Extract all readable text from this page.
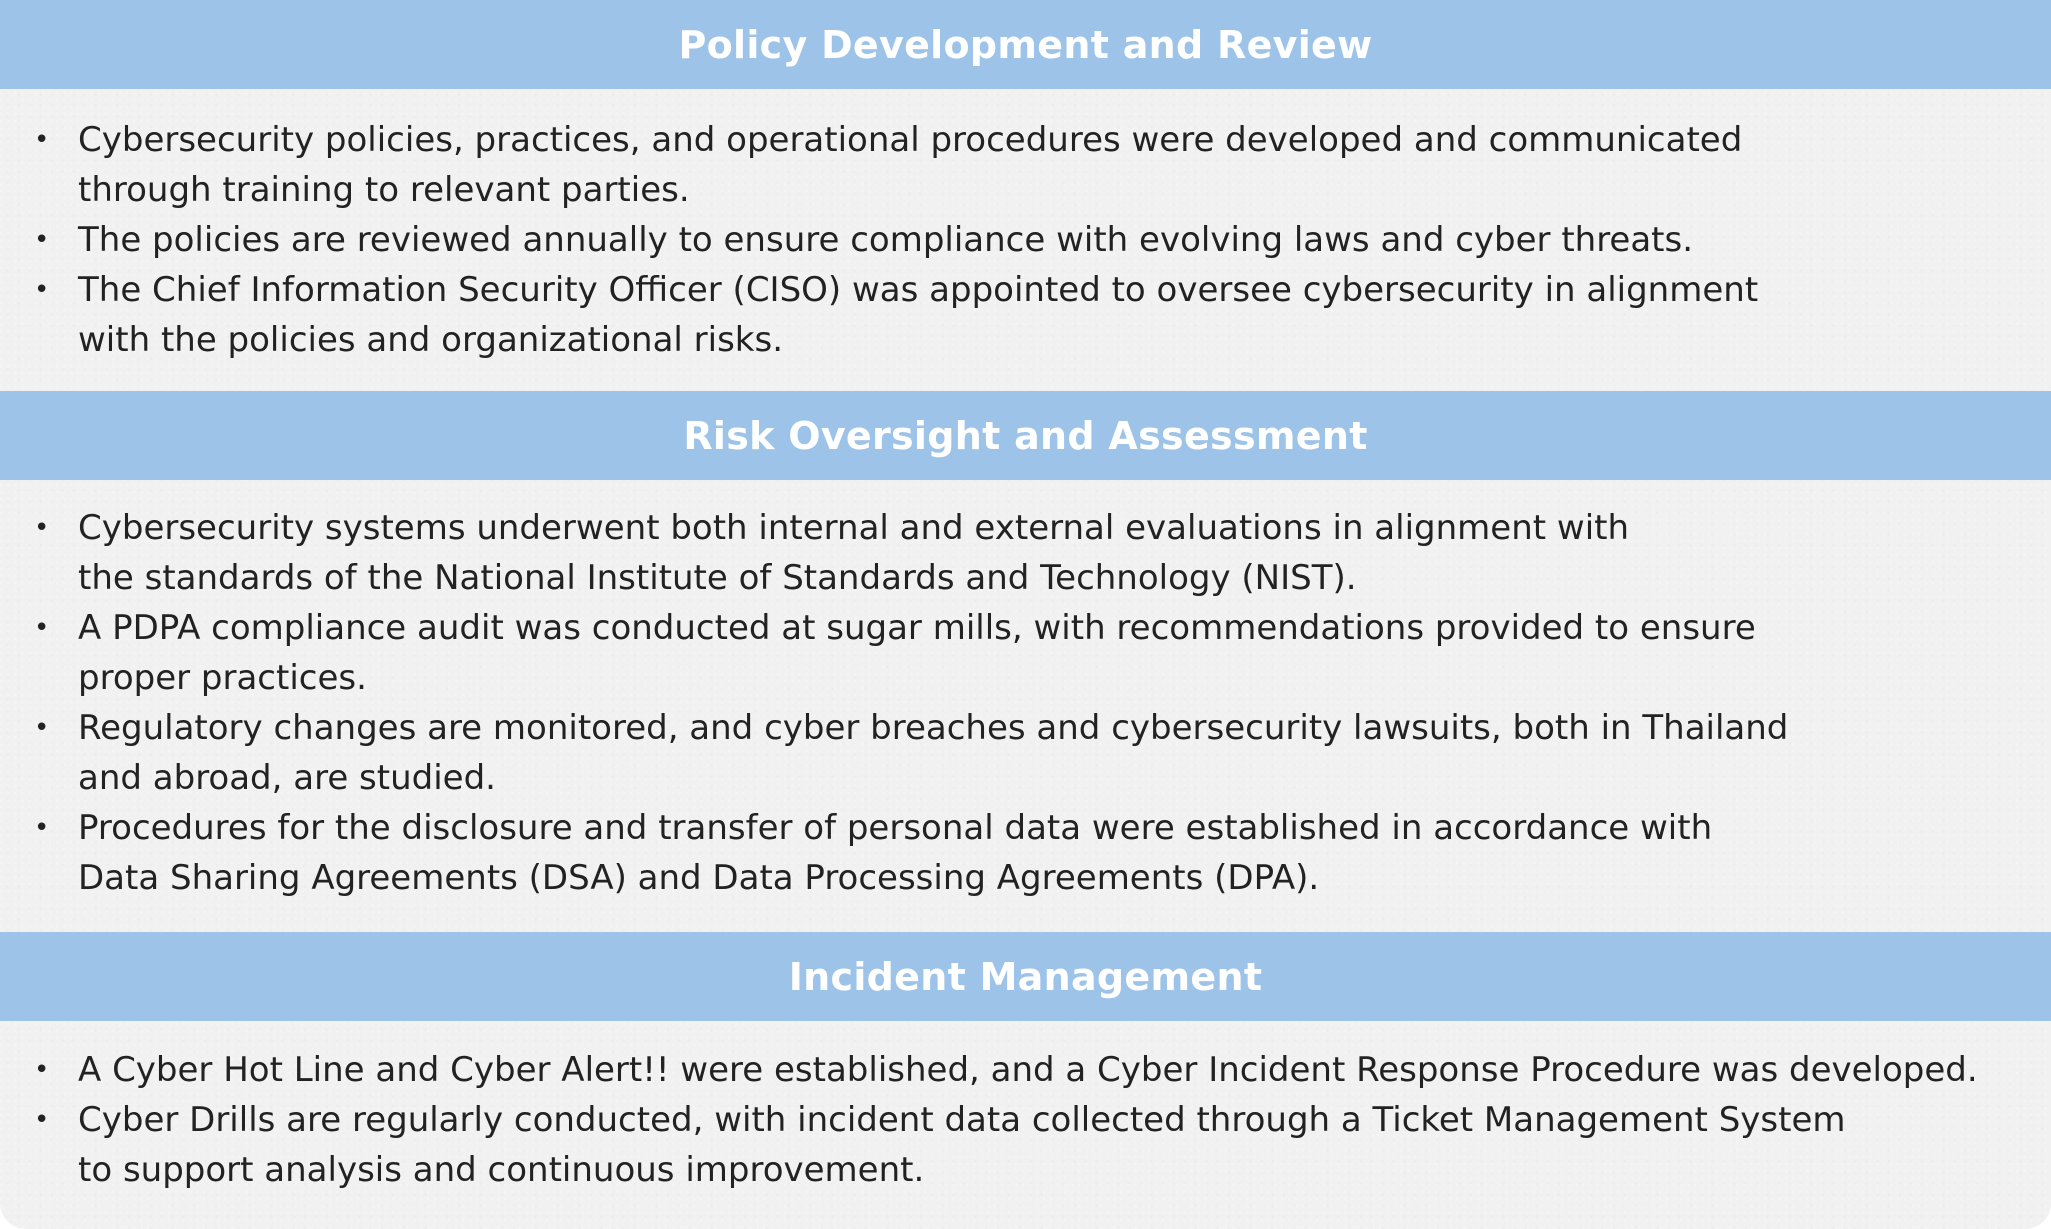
Policy Development and Review
• Cybersecurity policies, practices, and operational procedures were developed and communicated
through training to relevant parties.
• The policies are reviewed annually to ensure compliance with evolving laws and cyber threats.
• The Chief Information Security Officer (CISO) was appointed to oversee cybersecurity in alignment
with the policies and organizational risks.
Risk Oversight and Assessment
• Cybersecurity systems underwent both internal and external evaluations in alignment with
the standards of the National Institute of Standards and Technology (NIST).
• A PDPA compliance audit was conducted at sugar mills, with recommendations provided to ensure
proper practices.
• Regulatory changes are monitored, and cyber breaches and cybersecurity lawsuits, both in Thailand
and abroad, are studied.
• Procedures for the disclosure and transfer of personal data were established in accordance with
Data Sharing Agreements (DSA) and Data Processing Agreements (DPA).
Incident Management
• A Cyber Hot Line and Cyber Alert!! were established, and a Cyber Incident Response Procedure was developed.
• Cyber Drills are regularly conducted, with incident data collected through a Ticket Management System
to support analysis and continuous improvement.
